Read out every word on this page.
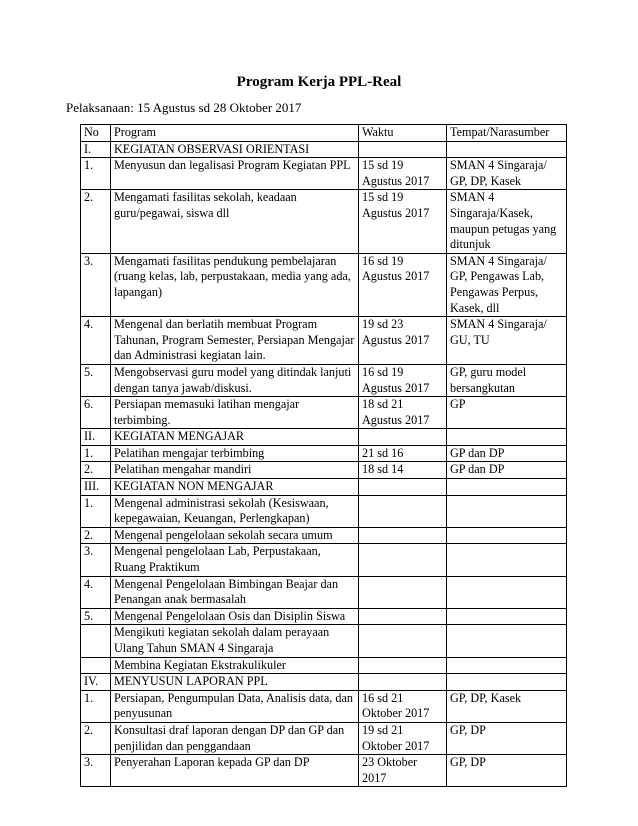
Program Kerja PPL-Real
Pelaksanaan: 15 Agustus sd 28 Oktober 2017
No	Program	Waktu	Tempat/Narasumber
I.	KEGIATAN OBSERVASI ORIENTASI		
1.	Menyusun dan legalisasi Program Kegiatan PPL	15 sd 19 Agustus 2017	SMAN 4 Singaraja/ GP, DP, Kasek
2.	Mengamati fasilitas sekolah, keadaan guru/pegawai, siswa dll	15 sd 19 Agustus 2017	SMAN 4 Singaraja/Kasek, maupun petugas yang ditunjuk
3.	Mengamati fasilitas pendukung pembelajaran (ruang kelas, lab, perpustakaan, media yang ada, lapangan)	16 sd 19 Agustus 2017	SMAN 4 Singaraja/ GP, Pengawas Lab, Pengawas Perpus, Kasek, dll
4.	Mengenal dan berlatih membuat Program Tahunan, Program Semester, Persiapan Mengajar dan Administrasi kegiatan lain.	19 sd 23 Agustus 2017	SMAN 4 Singaraja/ GU, TU
5.	Mengobservasi guru model yang ditindak lanjuti dengan tanya jawab/diskusi.	16 sd 19 Agustus 2017	GP, guru model bersangkutan
6.	Persiapan memasuki latihan mengajar terbimbing.	18 sd 21 Agustus 2017	GP
II.	KEGIATAN MENGAJAR		
1.	Pelatihan mengajar terbimbing	21 sd 16	GP dan DP
2.	Pelatihan mengahar mandiri	18 sd 14	GP dan DP
III.	KEGIATAN NON MENGAJAR		
1.	Mengenal administrasi sekolah (Kesiswaan, kepegawaian, Keuangan, Perlengkapan)		
2.	Mengenal pengelolaan sekolah secara umum		
3.	Mengenal pengelolaan Lab, Perpustakaan, Ruang Praktikum		
4.	Mengenal Pengelolaan Bimbingan Beajar dan Penangan anak bermasalah		
5.	Mengenal Pengelolaan Osis dan Disiplin Siswa		
	Mengikuti kegiatan sekolah dalam perayaan Ulang Tahun SMAN 4 Singaraja		
	Membina Kegiatan Ekstrakulikuler		
IV.	MENYUSUN LAPORAN PPL		
1.	Persiapan, Pengumpulan Data, Analisis data, dan penyusunan	16 sd 21 Oktober 2017	GP, DP, Kasek
2.	Konsultasi draf laporan dengan DP dan GP dan penjilidan dan penggandaan	19 sd 21 Oktober 2017	GP, DP
3.	Penyerahan Laporan kepada GP dan DP	23 Oktober 2017	GP, DP
